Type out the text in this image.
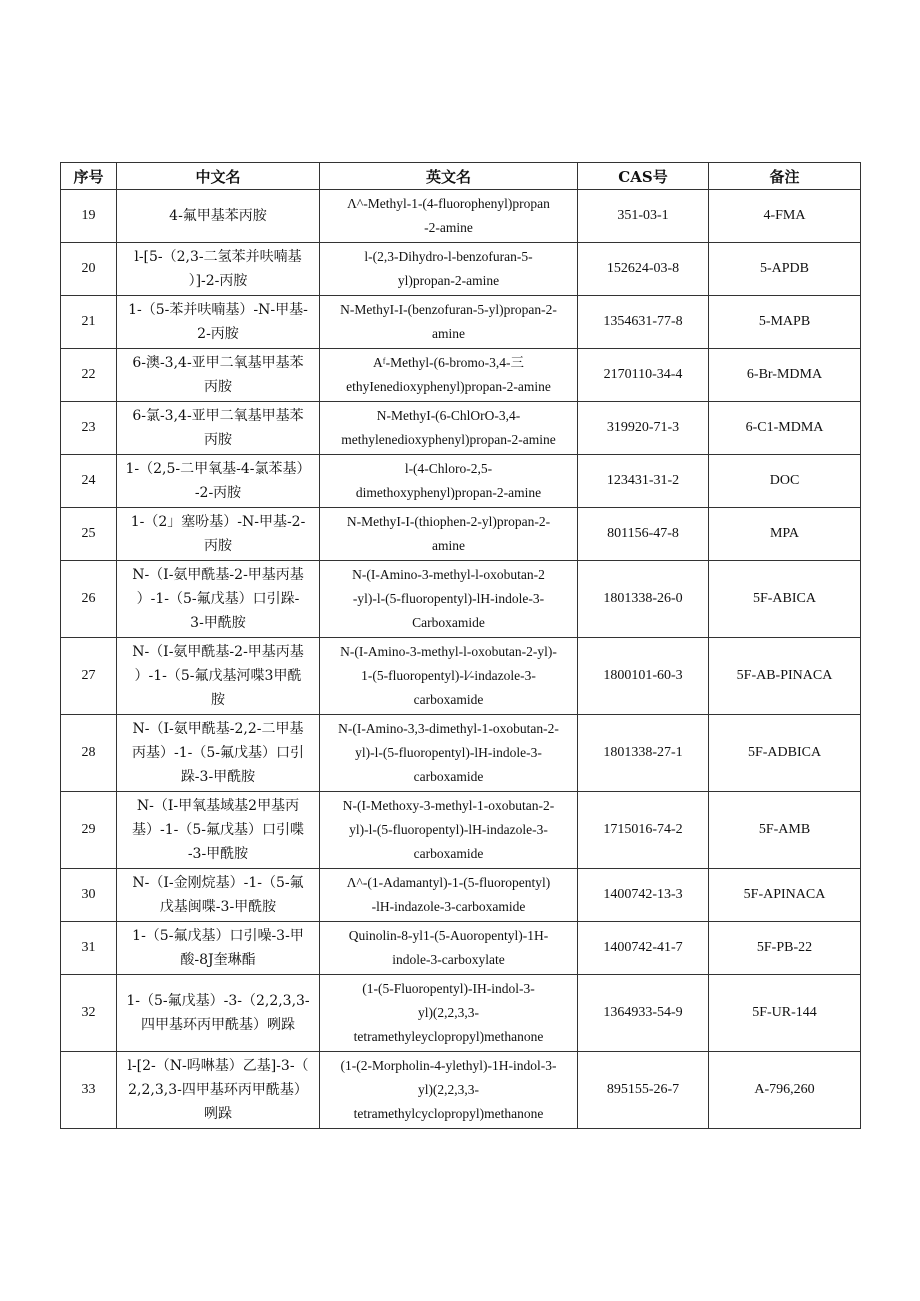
序号	中文名	英文名	CAS号	备注
19	4-氟甲基苯丙胺	Λ^-Methyl-1-(4-fluorophenyl)propan
-2-amine	351-03-1	4-FMA
20	l-[5-（2,3-二氢苯并呋喃基
）]-2-丙胺	l-(2,3-Dihydro-l-benzofuran-5-
yl)propan-2-amine	152624-03-8	5-APDB
21	1-（5-苯并呋喃基）-N-甲基-
2-丙胺	N-MethyI-I-(benzofuran-5-yl)propan-2-
amine	1354631-77-8	5-MAPB
22	6-澳-3,4-亚甲二氧基甲基苯
丙胺	Aᶠ-Methyl-(6-bromo-3,4-三
ethyIenedioxyphenyl)propan-2-amine	2170110-34-4	6-Br-MDMA
23	6-氯-3,4-亚甲二氧基甲基苯
丙胺	N-MethyI-(6-ChlOrO-3,4-
methylenedioxyphenyl)propan-2-amine	319920-71-3	6-C1-MDMA
24	1-（2,5-二甲氧基-4-氯苯基）
-2-丙胺	l-(4-Chloro-2,5-
dimethoxyphenyl)propan-2-amine	123431-31-2	DOC
25	1-（2」塞吩基）-N-甲基-2-
丙胺	N-MethyI-I-(thiophen-2-yl)propan-2-
amine	801156-47-8	MPA
26	N-（I-氨甲酰基-2-甲基丙基
）-1-（5-氟戊基）口引跺-
3-甲酰胺	N-(I-Amino-3-methyl-l-oxobutan-2
-yl)-l-(5-fluoropentyl)-lH-indole-3-
Carboxamide	1801338-26-0	5F-ABICA
27	N-（I-氨甲酰基-2-甲基丙基
）-1-（5-氟戊基河喋3甲酰
胺	N-(I-Amino-3-methyl-l-oxobutan-2-yl)-
1-(5-fluoropentyl)-l∕-indazole-3-
carboxamide	1800101-60-3	5F-AB-PINACA
28	N-（I-氨甲酰基-2,2-二甲基
丙基）-1-（5-氟戊基）口引
跺-3-甲酰胺	N-(I-Amino-3,3-dimethyl-1-oxobutan-2-
yl)-l-(5-fluoropentyl)-lH-indole-3-
carboxamide	1801338-27-1	5F-ADBICA
29	N-（I-甲氧基域基2甲基丙
基）-1-（5-氟戊基）口引喋
-3-甲酰胺	N-(I-Methoxy-3-methyl-1-oxobutan-2-
yl)-l-(5-fluoropentyl)-lH-indazole-3-
carboxamide	1715016-74-2	5F-AMB
30	N-（I-金刚烷基）-1-（5-氟
戊基闽喋-3-甲酰胺	Λ^-(1-Adamantyl)-1-(5-fluoropentyl)
-lH-indazole-3-carboxamide	1400742-13-3	5F-APINACA
31	1-（5-氟戊基）口引噪-3-甲
酸-8J奎琳酯	Quinolin-8-yl1-(5-Auoropentyl)-1H-
indole-3-carboxylate	1400742-41-7	5F-PB-22
32	1-（5-氟戊基）-3-（2,2,3,3-
四甲基环丙甲酰基）咧跺	(1-(5-Fluoropentyl)-IH-indol-3-
yl)(2,2,3,3-
tetramethyleyclopropyl)methanone	1364933-54-9	5F-UR-144
33	l-[2-（N-吗啉基）乙基]-3-（
2,2,3,3-四甲基环丙甲酰基）
咧跺	(1-(2-Morpholin-4-ylethyl)-1H-indol-3-
yl)(2,2,3,3-
tetramethylcyclopropyl)methanone	895155-26-7	A-796,260
